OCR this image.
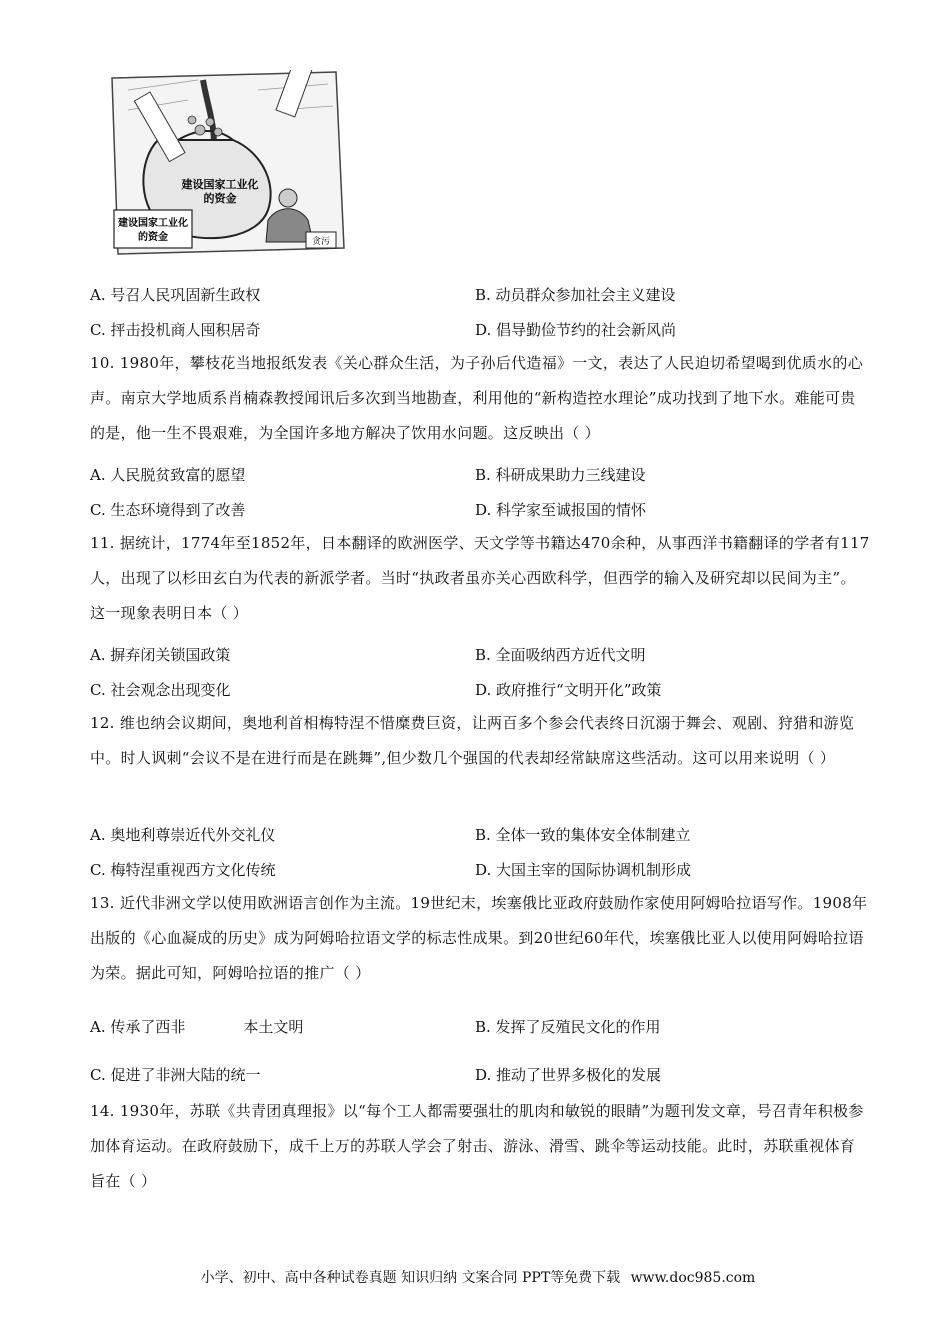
建设国家工业化
的资金
建设国家工业化
的资金
贪污
A. 号召人民巩固新生政权	B. 动员群众参加社会主义建设
C. 抨击投机商人囤积居奇	D. 倡导勤俭节约的社会新风尚
10. 1980年，攀枝花当地报纸发表《关心群众生活，为子孙后代造福》一文，表达了人民迫切希望喝到优质水的心声。南京大学地质系肖楠森教授闻讯后多次到当地勘查，利用他的“新构造控水理论”成功找到了地下水。难能可贵的是，他一生不畏艰难，为全国许多地方解决了饮用水问题。这反映出（ ）
A. 人民脱贫致富的愿望	B. 科研成果助力三线建设
C. 生态环境得到了改善	D. 科学家至诚报国的情怀
11. 据统计，1774年至1852年，日本翻译的欧洲医学、天文学等书籍达470余种，从事西洋书籍翻译的学者有117人，出现了以杉田玄白为代表的新派学者。当时“执政者虽亦关心西欧科学，但西学的输入及研究却以民间为主”。这一现象表明日本（ ）
A. 摒弃闭关锁国政策	B. 全面吸纳西方近代文明
C. 社会观念出现变化	D. 政府推行“文明开化”政策
12. 维也纳会议期间，奥地利首相梅特涅不惜糜费巨资，让两百多个参会代表终日沉溺于舞会、观剧、狩猎和游览中。时人讽刺“会议不是在进行而是在跳舞”,但少数几个强国的代表却经常缺席这些活动。这可以用来说明（ ）
A. 奥地利尊崇近代外交礼仪	B. 全体一致的集体安全体制建立
C. 梅特涅重视西方文化传统	D. 大国主宰的国际协调机制形成
13. 近代非洲文学以使用欧洲语言创作为主流。19世纪末，埃塞俄比亚政府鼓励作家使用阿姆哈拉语写作。1908年出版的《心血凝成的历史》成为阿姆哈拉语文学的标志性成果。到20世纪60年代，埃塞俄比亚人以使用阿姆哈拉语为荣。据此可知，阿姆哈拉语的推广（ ）
A. 传承了西非	本土文明	B. 发挥了反殖民文化的作用
C. 促进了非洲大陆的统一	D. 推动了世界多极化的发展
14. 1930年，苏联《共青团真理报》以“每个工人都需要强壮的肌肉和敏锐的眼睛”为题刊发文章，号召青年积极参加体育运动。在政府鼓励下，成千上万的苏联人学会了射击、游泳、滑雪、跳伞等运动技能。此时，苏联重视体育旨在（ ）
小学、初中、高中各种试卷真题 知识归纳 文案合同 PPT等免费下载 www.doc985.com
